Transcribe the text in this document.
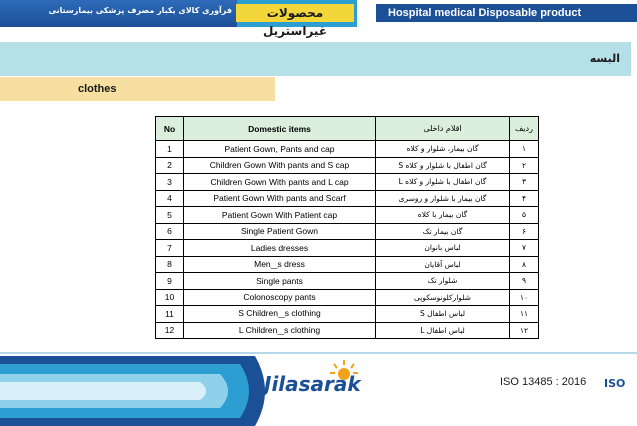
فرآوری کالای یکبار مصرف پزشکی بیمارستانی	محصولات غیراستریل
Hospital medical Disposable product
البسه
clothes
No	Domestic items	اقلام داخلی	ردیف
1	Patient Gown, Pants and cap	گان بیمار، شلوار و کلاه	۱
2	Children Gown With pants and S cap	گان اطفال با شلوار و کلاه S	۲
3	Children Gown With pants and L cap	گان اطفال با شلوار و کلاه L	۳
4	Patient Gown With pants and Scarf	گان بیمار با شلوار و روسری	۴
5	Patient Gown With Patient cap	گان بیمار با کلاه	۵
6	Single Patient Gown	گان بیمار تک	۶
7	Ladies dresses	لباس بانوان	۷
8	Men‿s dress	لباس آقایان	۸
9	Single pants	شلوار تک	۹
10	Colonoscopy pants	شلوارکلونوسکوپی	۱۰
11	S Children‿s clothing	لباس اطفال S	۱۱
12	L Children‿s clothing	لباس اطفال L	۱۲
Jilasarak	ISO 13485 : 2016 ISO
